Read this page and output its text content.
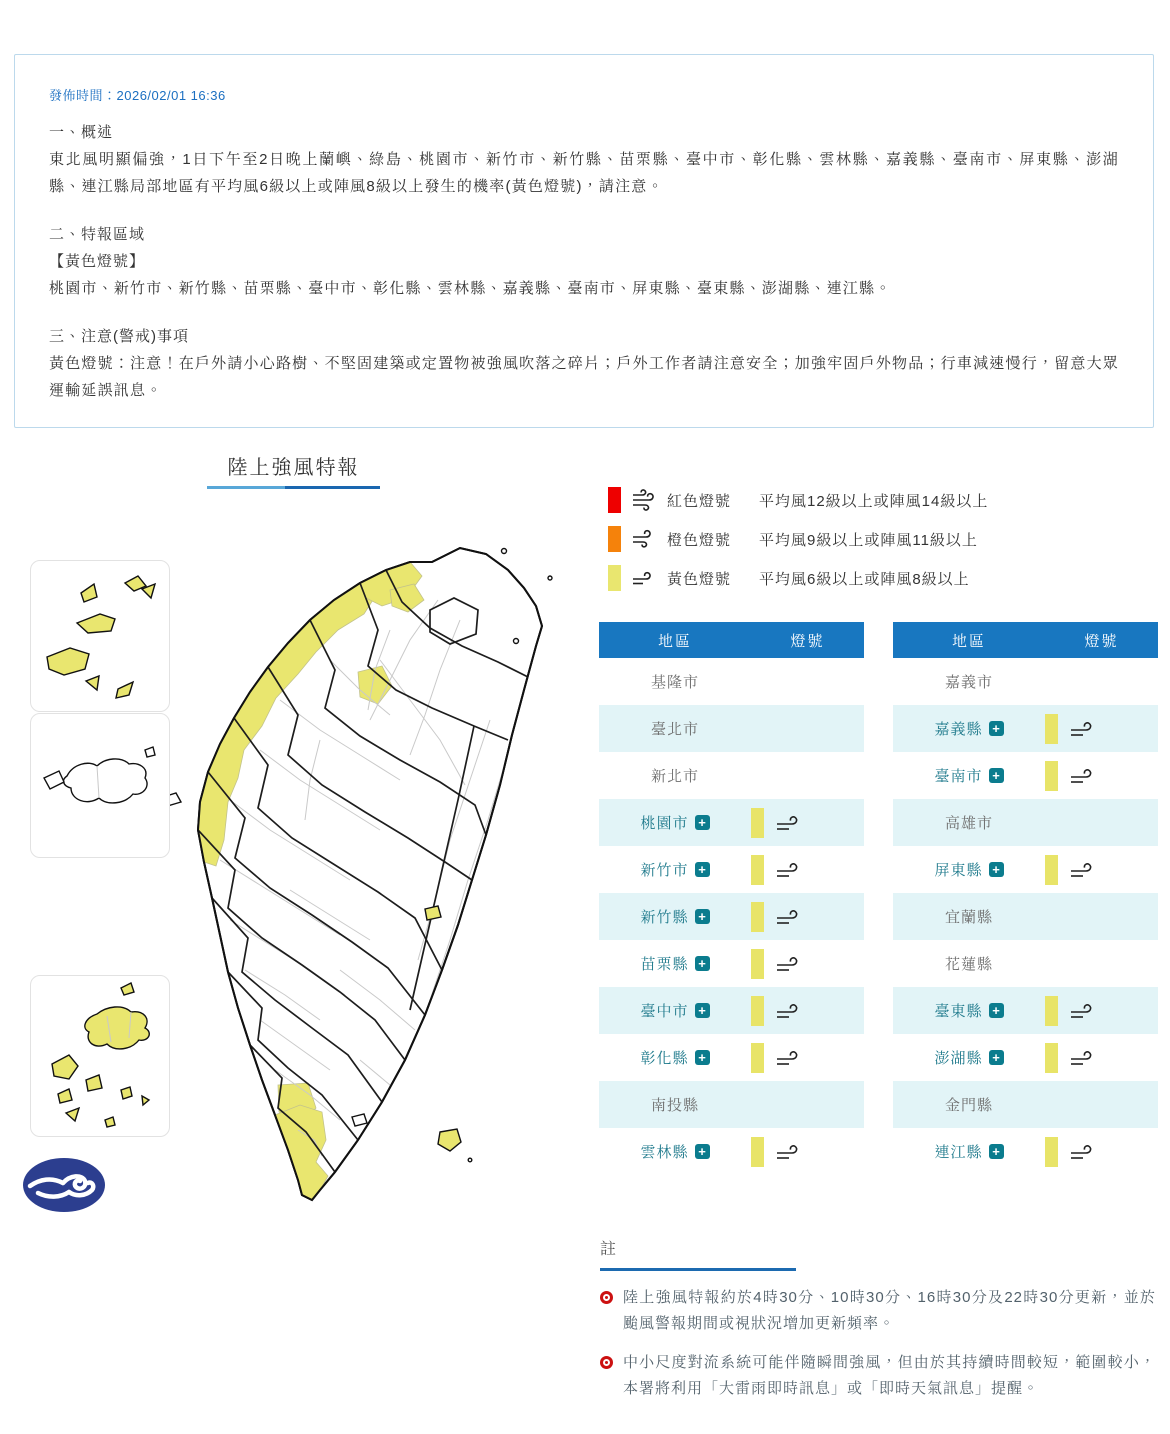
發佈時間：2026/02/01 16:36

一、概述

東北風明顯偏強，1日下午至2日晚上蘭嶼、綠島、桃園市、新竹市、新竹縣、苗栗縣、臺中市、彰化縣、雲林縣、嘉義縣、臺南市、屏東縣、澎湖縣、連江縣局部地區有平均風6級以上或陣風8級以上發生的機率(黃色燈號)，請注意。

二、特報區域
【黃色燈號】

桃園市、新竹市、新竹縣、苗栗縣、臺中市、彰化縣、雲林縣、嘉義縣、臺南市、屏東縣、臺東縣、澎湖縣、連江縣。

三、注意(警戒)事項

黃色燈號：注意！在戶外請小心路樹、不堅固建築或定置物被強風吹落之碎片；戶外工作者請注意安全；加強牢固戶外物品；行車減速慢行，留意大眾運輸延誤訊息。

陸上強風特報
紅色燈號	平均風12級以上或陣風14級以上
橙色燈號	平均風9級以上或陣風11級以上
黃色燈號	平均風6級以上或陣風8級以上
地區	燈號
基隆市
臺北市
新北市
桃園市 +
新竹市 +
新竹縣 +
苗栗縣 +
臺中市 +
彰化縣 +
南投縣
雲林縣 +
地區	燈號
嘉義市
嘉義縣 +
臺南市 +
高雄市
屏東縣 +
宜蘭縣
花蓮縣
臺東縣 +
澎湖縣 +
金門縣
連江縣 +
註
陸上強風特報約於4時30分、10時30分、16時30分及22時30分更新，並於颱風警報期間或視狀況增加更新頻率。
中小尺度對流系統可能伴隨瞬間強風，但由於其持續時間較短，範圍較小，本署將利用「大雷雨即時訊息」或「即時天氣訊息」提醒。
